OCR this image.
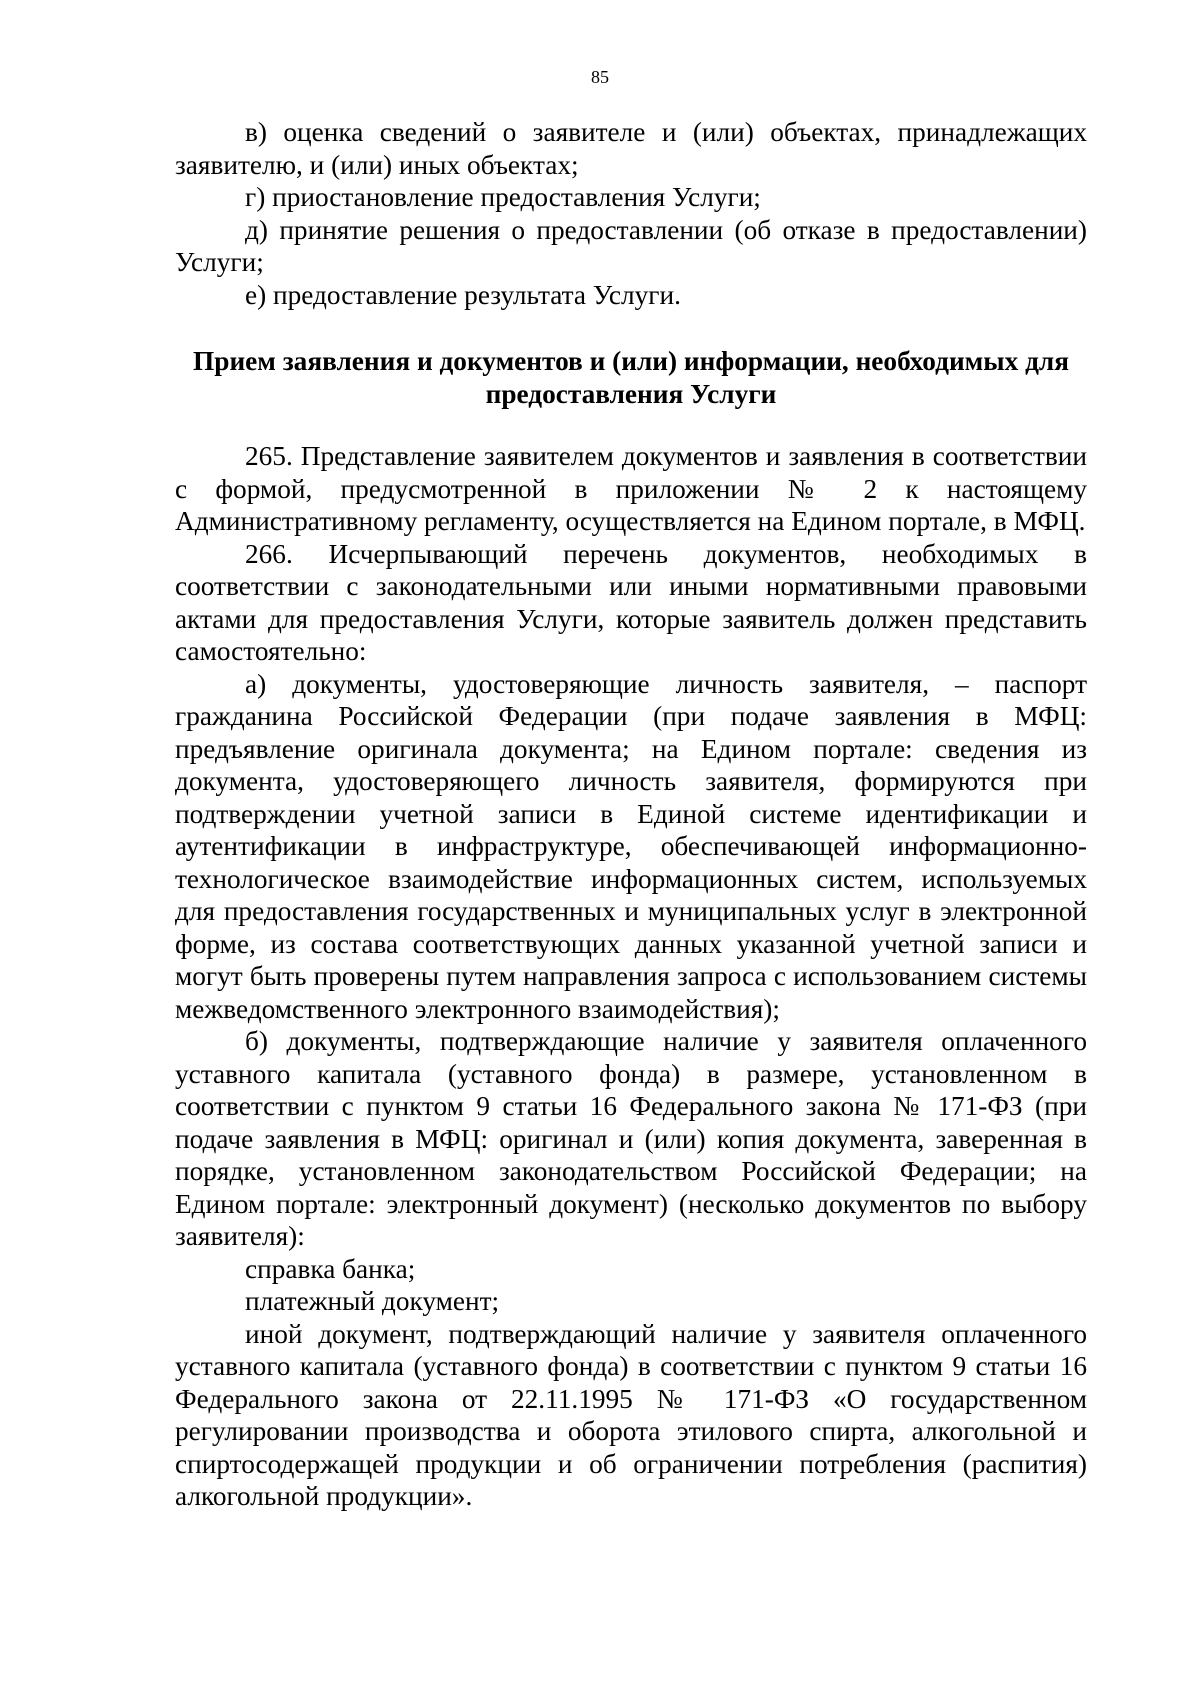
85

в) оценка сведений о заявителе и (или) объектах, принадлежащих заявителю, и (или) иных объектах;

г) приостановление предоставления Услуги;

д) принятие решения о предоставлении (об отказе в предоставлении) Услуги;

е) предоставление результата Услуги.

Прием заявления и документов и (или) информации, необходимых для предоставления Услуги

265. Представление заявителем документов и заявления в соответствии с формой, предусмотренной в приложении № 2 к настоящему Административному регламенту, осуществляется на Едином портале, в МФЦ.

266. Исчерпывающий перечень документов, необходимых в соответствии с законодательными или иными нормативными правовыми актами для предоставления Услуги, которые заявитель должен представить самостоятельно:

а) документы, удостоверяющие личность заявителя, – паспорт гражданина Российской Федерации (при подаче заявления в МФЦ: предъявление оригинала документа; на Едином портале: сведения из документа, удостоверяющего личность заявителя, формируются при подтверждении учетной записи в Единой системе идентификации и аутентификации в инфраструктуре, обеспечивающей информационно-технологическое взаимодействие информационных систем, используемых для предоставления государственных и муниципальных услуг в электронной форме, из состава соответствующих данных указанной учетной записи и могут быть проверены путем направления запроса с использованием системы межведомственного электронного взаимодействия);

б) документы, подтверждающие наличие у заявителя оплаченного уставного капитала (уставного фонда) в размере, установленном в соответствии с пунктом 9 статьи 16 Федерального закона № 171-ФЗ (при подаче заявления в МФЦ: оригинал и (или) копия документа, заверенная в порядке, установленном законодательством Российской Федерации; на Едином портале: электронный документ) (несколько документов по выбору заявителя):

справка банка;

платежный документ;

иной документ, подтверждающий наличие у заявителя оплаченного уставного капитала (уставного фонда) в соответствии с пунктом 9 статьи 16 Федерального закона от 22.11.1995 № 171-ФЗ «О государственном регулировании производства и оборота этилового спирта, алкогольной и спиртосодержащей продукции и об ограничении потребления (распития) алкогольной продукции».
